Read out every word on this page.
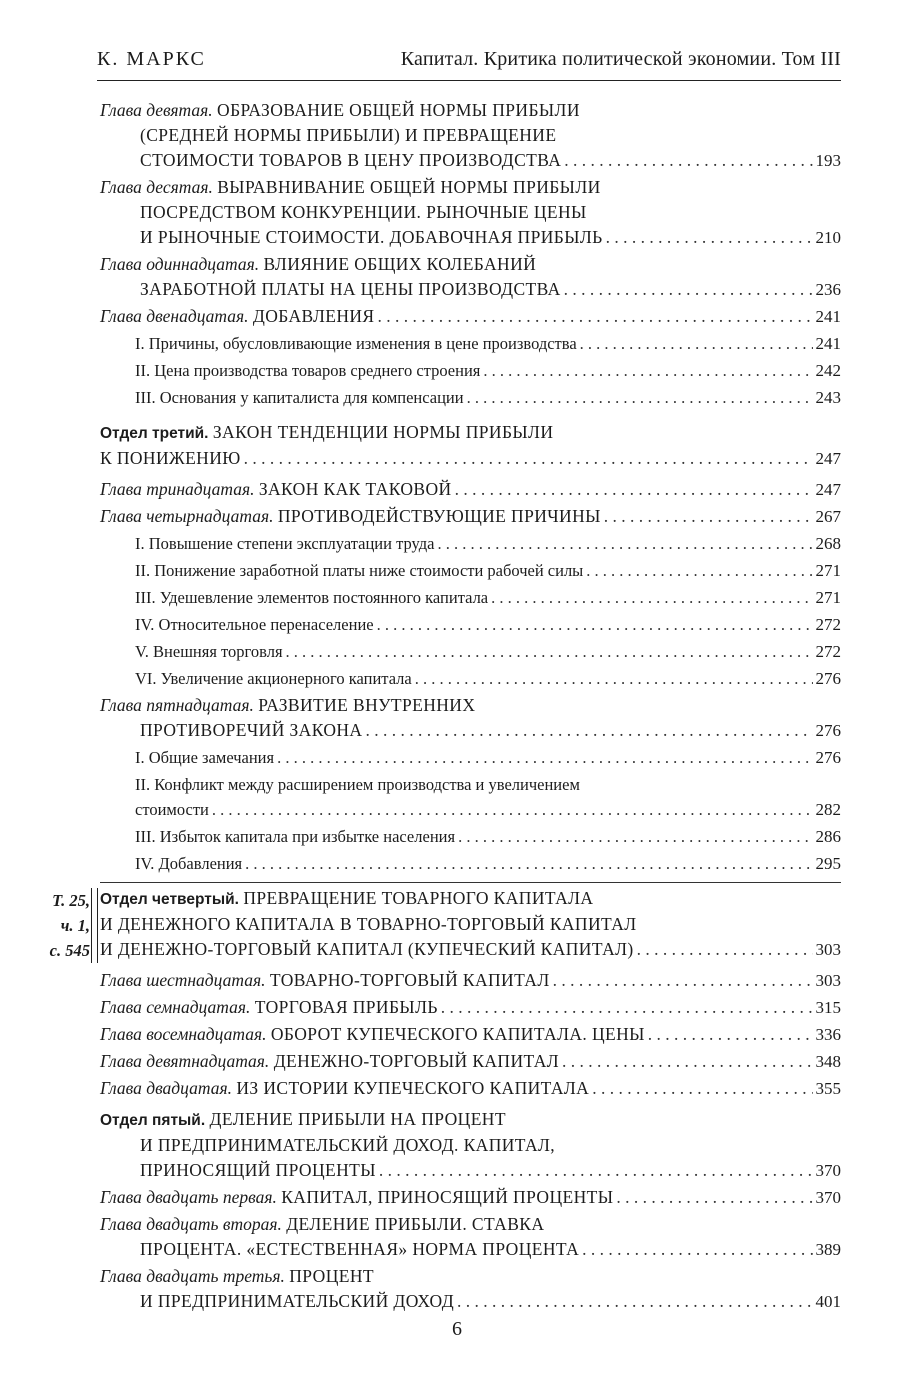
К. МАРКС	Капитал. Критика политической экономии. Том III
Глава девятая. ОБРАЗОВАНИЕ ОБЩЕЙ НОРМЫ ПРИБЫЛИ
(СРЕДНЕЙ НОРМЫ ПРИБЫЛИ) И ПРЕВРАЩЕНИЕ
СТОИМОСТИ ТОВАРОВ В ЦЕНУ ПРОИЗВОДСТВА . . .	193
Глава десятая. ВЫРАВНИВАНИЕ ОБЩЕЙ НОРМЫ ПРИБЫЛИ
ПОСРЕДСТВОМ КОНКУРЕНЦИИ. РЫНОЧНЫЕ ЦЕНЫ
И РЫНОЧНЫЕ СТОИМОСТИ. ДОБАВОЧНАЯ ПРИБЫЛЬ . . .	210
Глава одиннадцатая. ВЛИЯНИЕ ОБЩИХ КОЛЕБАНИЙ
ЗАРАБОТНОЙ ПЛАТЫ НА ЦЕНЫ ПРОИЗВОДСТВА . . .	236
Глава двенадцатая. ДОБАВЛЕНИЯ . . .	241
I. Причины, обусловливающие изменения в цене производства . . .	241
II. Цена производства товаров среднего строения . . .	242
III. Основания у капиталиста для компенсации . . .	243
Отдел третий. ЗАКОН ТЕНДЕНЦИИ НОРМЫ ПРИБЫЛИ
К ПОНИЖЕНИЮ . . .	247
Глава тринадцатая. ЗАКОН КАК ТАКОВОЙ . . .	247
Глава четырнадцатая. ПРОТИВОДЕЙСТВУЮЩИЕ ПРИЧИНЫ . . .	267
I. Повышение степени эксплуатации труда . . .	268
II. Понижение заработной платы ниже стоимости рабочей силы . . .	271
III. Удешевление элементов постоянного капитала . . .	271
IV. Относительное перенаселение . . .	272
V. Внешняя торговля . . .	272
VI. Увеличение акционерного капитала . . .	276
Глава пятнадцатая. РАЗВИТИЕ ВНУТРЕННИХ
ПРОТИВОРЕЧИЙ ЗАКОНА . . .	276
I. Общие замечания . . .	276
II. Конфликт между расширением производства и увеличением
стоимости . . .	282
III. Избыток капитала при избытке населения . . .	286
IV. Добавления . . .	295
Т. 25,
ч. 1,
с. 545
Отдел четвертый. ПРЕВРАЩЕНИЕ ТОВАРНОГО КАПИТАЛА
И ДЕНЕЖНОГО КАПИТАЛА В ТОВАРНО-ТОРГОВЫЙ КАПИТАЛ
И ДЕНЕЖНО-ТОРГОВЫЙ КАПИТАЛ (КУПЕЧЕСКИЙ КАПИТАЛ) . . .	303
Глава шестнадцатая. ТОВАРНО-ТОРГОВЫЙ КАПИТАЛ . . .	303
Глава семнадцатая. ТОРГОВАЯ ПРИБЫЛЬ . . .	315
Глава восемнадцатая. ОБОРОТ КУПЕЧЕСКОГО КАПИТАЛА. ЦЕНЫ . . .	336
Глава девятнадцатая. ДЕНЕЖНО-ТОРГОВЫЙ КАПИТАЛ . . .	348
Глава двадцатая. ИЗ ИСТОРИИ КУПЕЧЕСКОГО КАПИТАЛА . . .	355
Отдел пятый. ДЕЛЕНИЕ ПРИБЫЛИ НА ПРОЦЕНТ
И ПРЕДПРИНИМАТЕЛЬСКИЙ ДОХОД. КАПИТАЛ,
ПРИНОСЯЩИЙ ПРОЦЕНТЫ . . .	370
Глава двадцать первая. КАПИТАЛ, ПРИНОСЯЩИЙ ПРОЦЕНТЫ . . .	370
Глава двадцать вторая. ДЕЛЕНИЕ ПРИБЫЛИ. СТАВКА
ПРОЦЕНТА. «ЕСТЕСТВЕННАЯ» НОРМА ПРОЦЕНТА . . .	389
Глава двадцать третья. ПРОЦЕНТ
И ПРЕДПРИНИМАТЕЛЬСКИЙ ДОХОД . . .	401
6
